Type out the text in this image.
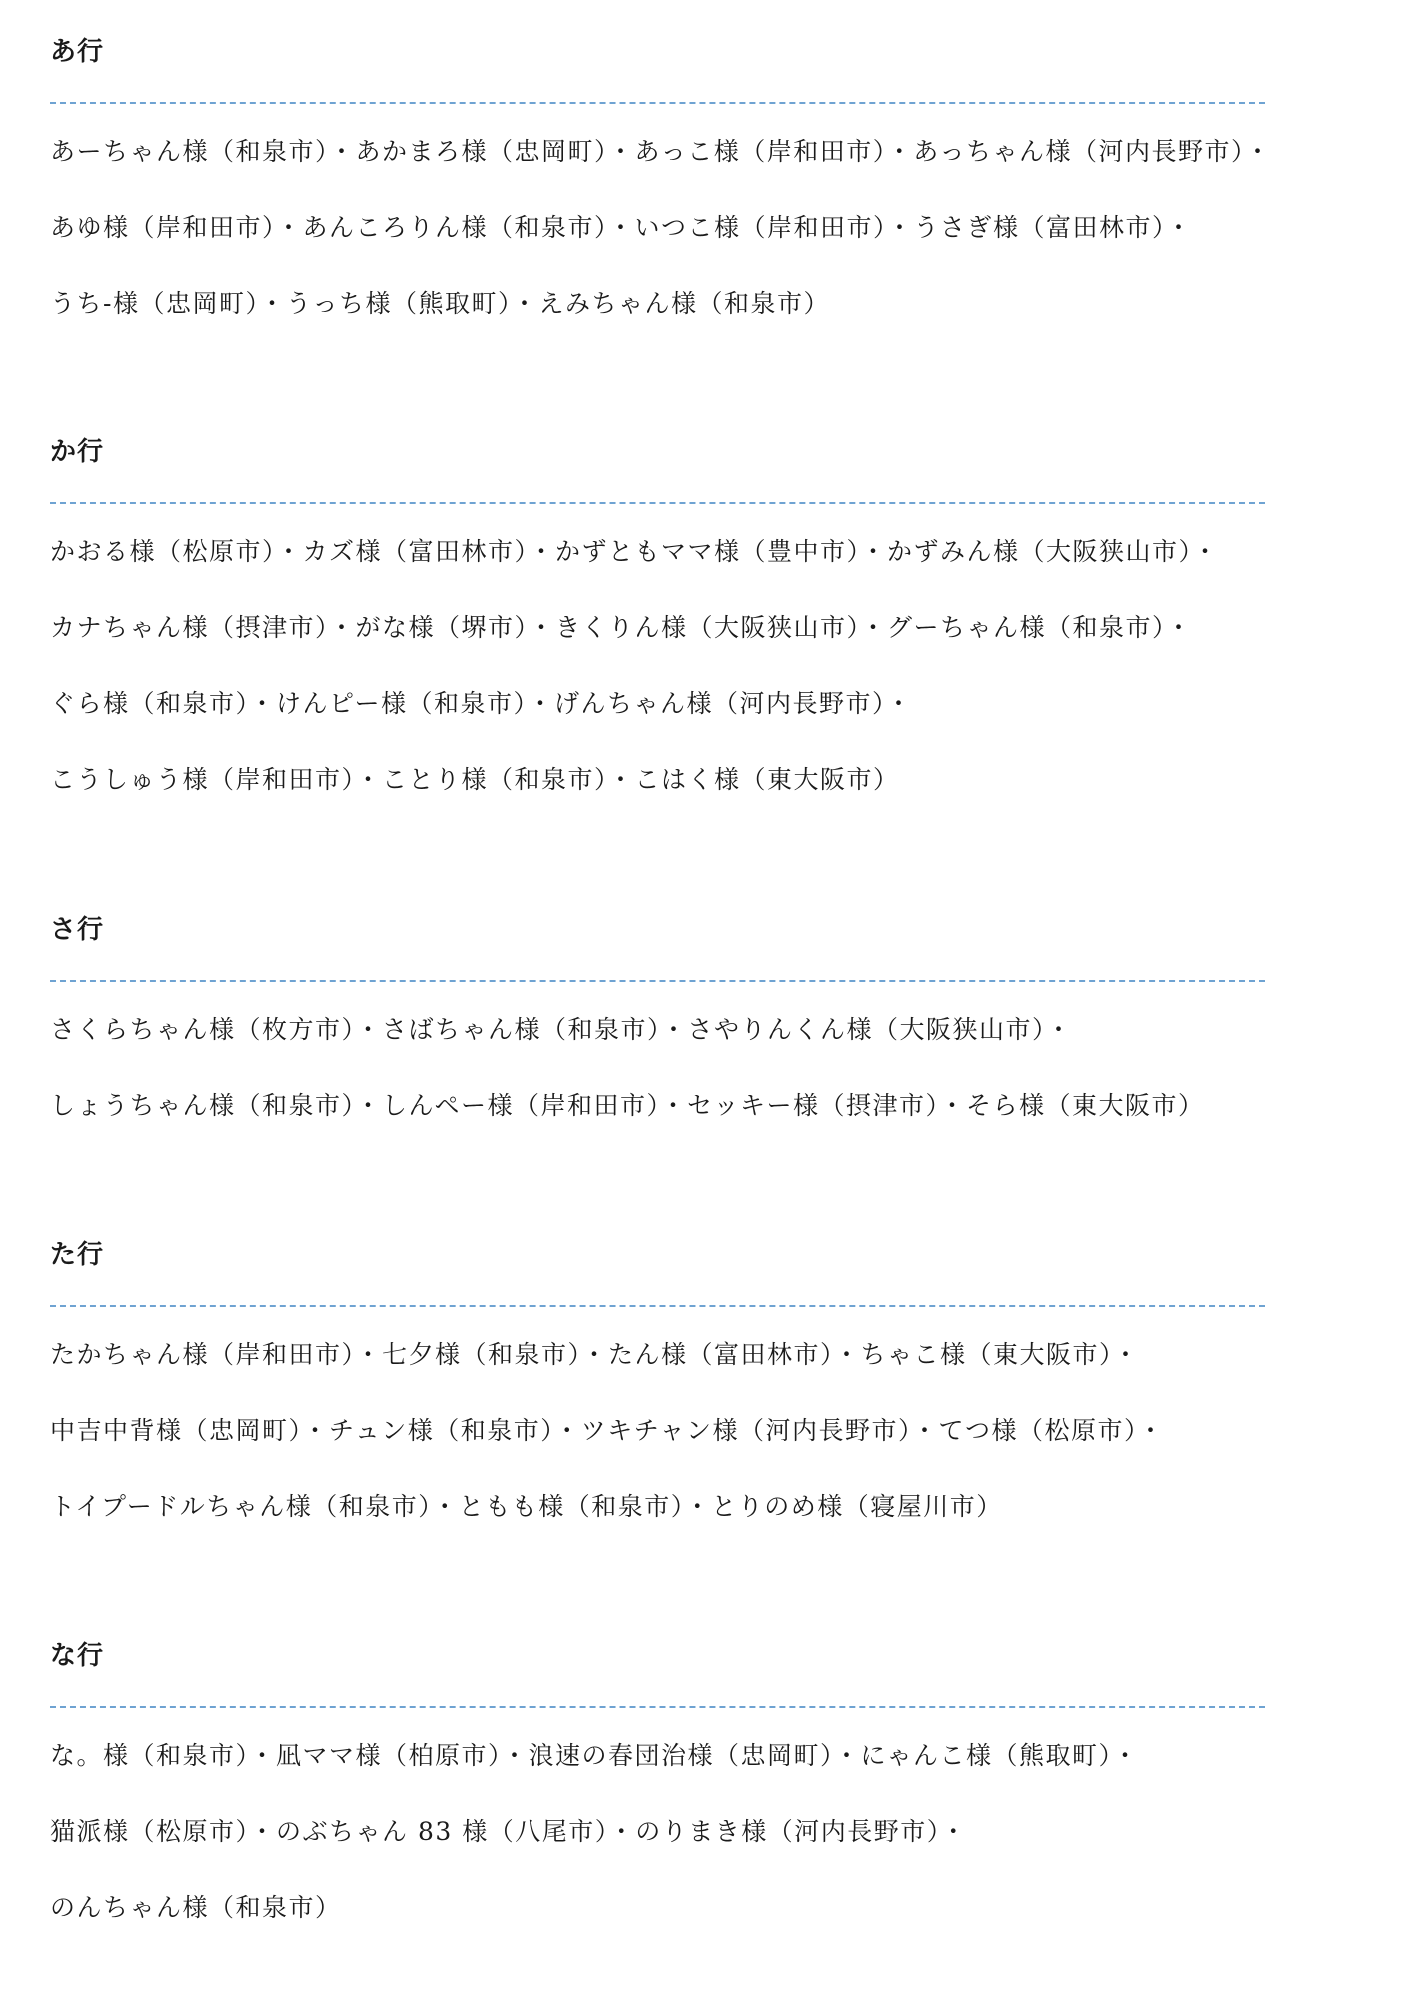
あ行
あーちゃん様（和泉市）・あかまろ様（忠岡町）・あっこ様（岸和田市）・あっちゃん様（河内長野市）・
あゆ様（岸和田市）・あんころりん様（和泉市）・いつこ様（岸和田市）・うさぎ様（富田林市）・
うち-様（忠岡町）・うっち様（熊取町）・えみちゃん様（和泉市）
か行
かおる様（松原市）・カズ様（富田林市）・かずともママ様（豊中市）・かずみん様（大阪狭山市）・
カナちゃん様（摂津市）・がな様（堺市）・きくりん様（大阪狭山市）・グーちゃん様（和泉市）・
ぐら様（和泉市）・けんピー様（和泉市）・げんちゃん様（河内長野市）・
こうしゅう様（岸和田市）・ことり様（和泉市）・こはく様（東大阪市）
さ行
さくらちゃん様（枚方市）・さばちゃん様（和泉市）・さやりんくん様（大阪狭山市）・
しょうちゃん様（和泉市）・しんペー様（岸和田市）・セッキー様（摂津市）・そら様（東大阪市）
た行
たかちゃん様（岸和田市）・七夕様（和泉市）・たん様（富田林市）・ちゃこ様（東大阪市）・
中吉中背様（忠岡町）・チュン様（和泉市）・ツキチャン様（河内長野市）・てつ様（松原市）・
トイプードルちゃん様（和泉市）・ともも様（和泉市）・とりのめ様（寝屋川市）
な行
な。様（和泉市）・凪ママ様（柏原市）・浪速の春団治様（忠岡町）・にゃんこ様（熊取町）・
猫派様（松原市）・のぶちゃん 83 様（八尾市）・のりまき様（河内長野市）・
のんちゃん様（和泉市）
